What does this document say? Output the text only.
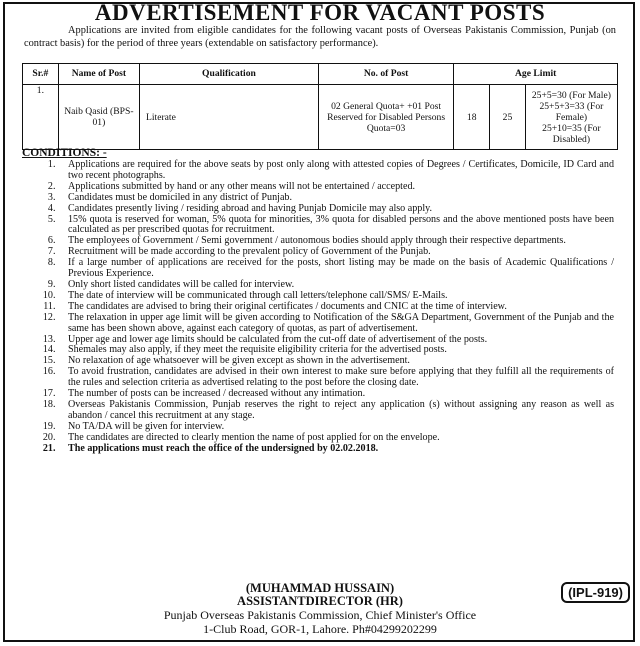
ADVERTISEMENT FOR VACANT POSTS
Applications are invited from eligible candidates for the following vacant posts of Overseas Pakistanis Commission, Punjab (on contract basis) for the period of three years (extendable on satisfactory performance).
Sr.#	Name of Post	Qualification	No. of Post	Age Limit		
1.	Naib Qasid (BPS-01)	Literate	02 General Quota+ +01 Post Reserved for Disabled Persons Quota=03	18	25	25+5=30 (For Male)
25+5+3=33 (For Female)
25+10=35 (For Disabled)
CONDITIONS: -
1. Applications are required for the above seats by post only along with attested copies of Degrees / Certificates, Domicile, ID Card and two recent photographs.
2. Applications submitted by hand or any other means will not be entertained / accepted.
3. Candidates must be domiciled in any district of Punjab.
4. Candidates presently living / residing abroad and having Punjab Domicile may also apply.
5. 15% quota is reserved for woman, 5% quota for minorities, 3% quota for disabled persons and the above mentioned posts have been calculated as per prescribed quotas for recruitment.
6. The employees of Government / Semi government / autonomous bodies should apply through their respective departments.
7. Recruitment will be made according to the prevalent policy of Government of the Punjab.
8. If a large number of applications are received for the posts, short listing may be made on the basis of Academic Qualifications / Previous Experience.
9. Only short listed candidates will be called for interview.
10. The date of interview will be communicated through call letters/telephone call/SMS/ E-Mails.
11. The candidates are advised to bring their original certificates / documents and CNIC at the time of interview.
12. The relaxation in upper age limit will be given according to Notification of the S&GA Department, Government of the Punjab and the same has been shown above, against each category of quotas, as part of advertisement.
13. Upper age and lower age limits should be calculated from the cut-off date of advertisement of the posts.
14. Shemales may also apply, if they meet the requisite eligibility criteria for the advertised posts.
15. No relaxation of age whatsoever will be given except as shown in the advertisement.
16. To avoid frustration, candidates are advised in their own interest to make sure before applying that they fulfill all the requirements of the rules and selection criteria as advertised relating to the post before the closing date.
17. The number of posts can be increased / decreased without any intimation.
18. Overseas Pakistanis Commission, Punjab reserves the right to reject any application (s) without assigning any reason as well as abandon / cancel this recruitment at any stage.
19. No TA/DA will be given for interview.
20. The candidates are directed to clearly mention the name of post applied for on the envelope.
21. The applications must reach the office of the undersigned by 02.02.2018.
(MUHAMMAD HUSSAIN)
ASSISTANTDIRECTOR (HR)
Punjab Overseas Pakistanis Commission, Chief Minister's Office
1-Club Road, GOR-1, Lahore. Ph#04299202299
(IPL-919)
